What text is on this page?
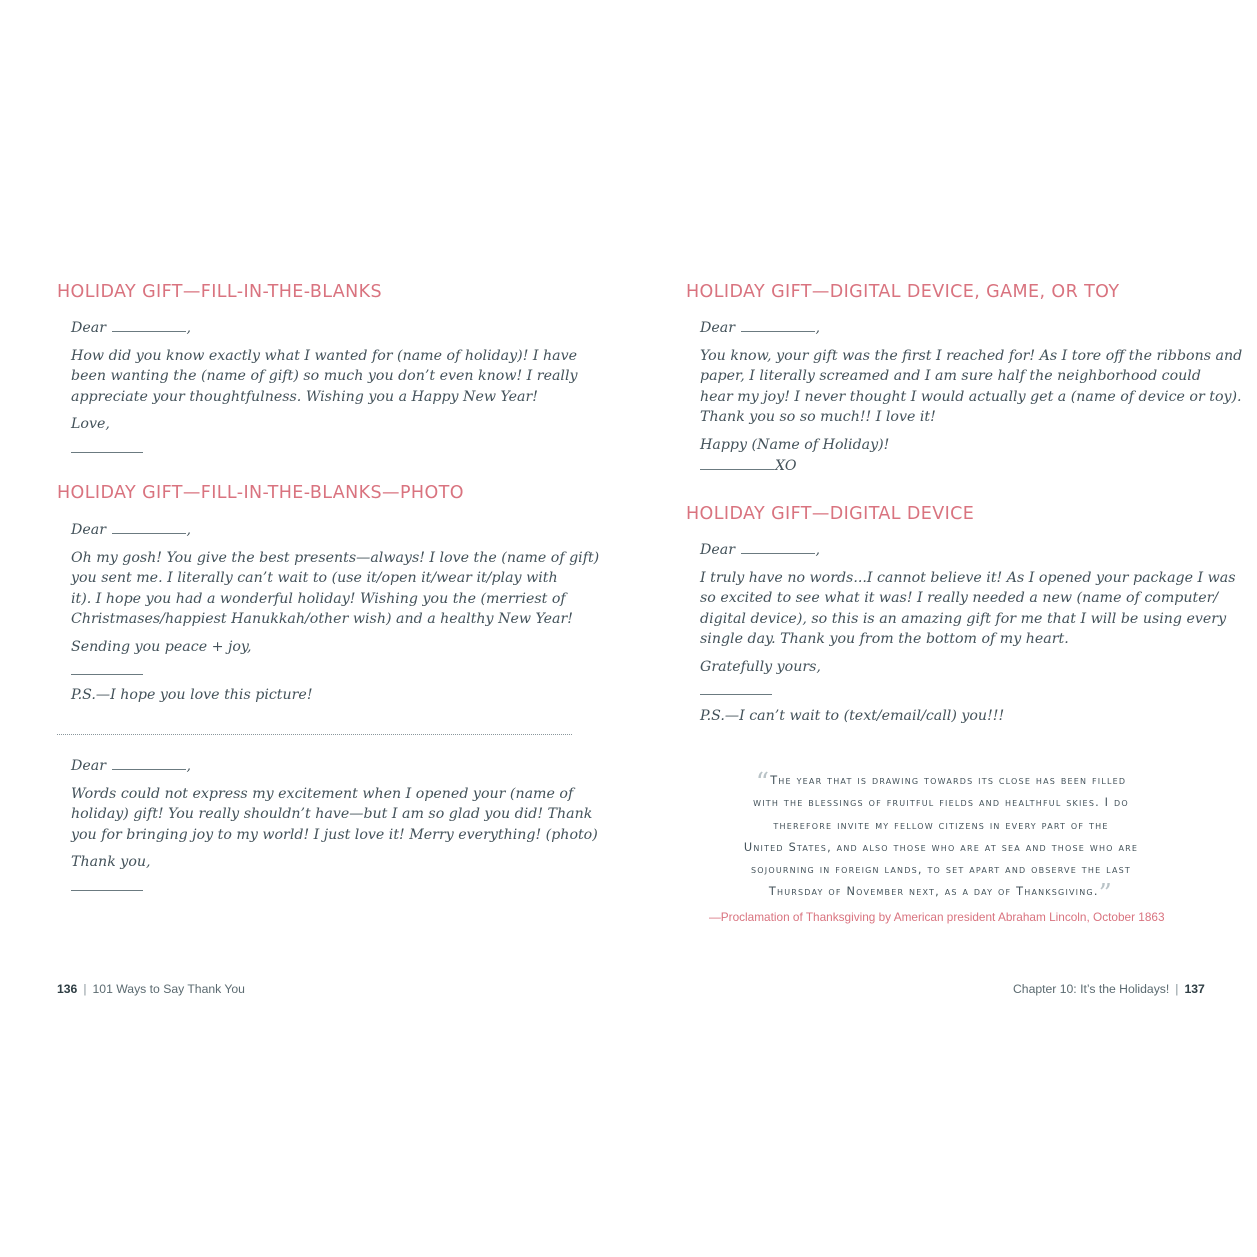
HOLIDAY GIFT—FILL-IN-THE-BLANKS
Dear	,
How did you know exactly what I wanted for (name of holiday)! I have
been wanting the (name of gift) so much you don’t even know! I really
appreciate your thoughtfulness. Wishing you a Happy New Year!
Love,
HOLIDAY GIFT—FILL-IN-THE-BLANKS—PHOTO
Dear	,
Oh my gosh! You give the best presents—always! I love the (name of gift)
you sent me. I literally can’t wait to (use it/open it/wear it/play with
it). I hope you had a wonderful holiday! Wishing you the (merriest of
Christmases/happiest Hanukkah/other wish) and a healthy New Year!
Sending you peace + joy,
P.S.—I hope you love this picture!
Dear	,
Words could not express my excitement when I opened your (name of
holiday) gift! You really shouldn’t have—but I am so glad you did! Thank
you for bringing joy to my world! I just love it! Merry everything! (photo)
Thank you,
136 | 101 Ways to Say Thank You
HOLIDAY GIFT—DIGITAL DEVICE, GAME, OR TOY
Dear	,
You know, your gift was the first I reached for! As I tore off the ribbons and
paper, I literally screamed and I am sure half the neighborhood could
hear my joy! I never thought I would actually get a (name of device or toy).
Thank you so so much!! I love it!
Happy (Name of Holiday)!
XO
HOLIDAY GIFT—DIGITAL DEVICE
Dear	,
I truly have no words...I cannot believe it! As I opened your package I was
so excited to see what it was! I really needed a new (name of computer/
digital device), so this is an amazing gift for me that I will be using every
single day. Thank you from the bottom of my heart.
Gratefully yours,
P.S.—I can’t wait to (text/email/call) you!!!
“The year that is drawing towards its close has been filled
with the blessings of fruitful fields and healthful skies. I do
therefore invite my fellow citizens in every part of the
United States, and also those who are at sea and those who are
sojourning in foreign lands, to set apart and observe the last
Thursday of November next, as a day of Thanksgiving.”
—Proclamation of Thanksgiving by American president Abraham Lincoln, October 1863
Chapter 10: It’s the Holidays! | 137
